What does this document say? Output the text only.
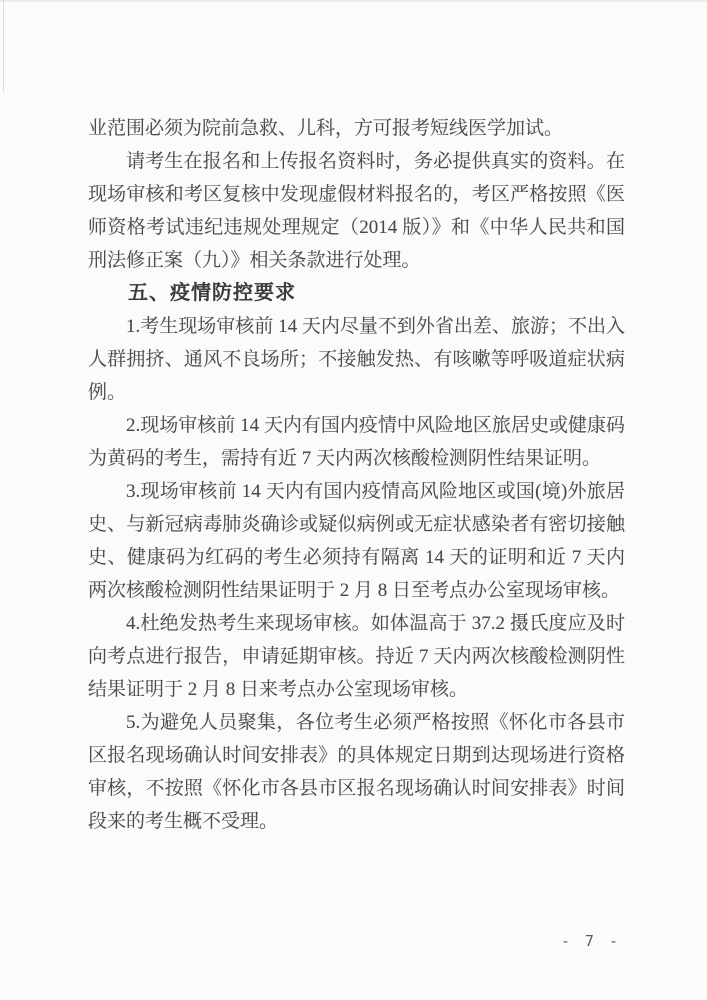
业范围必须为院前急救、儿科，方可报考短线医学加试。

请考生在报名和上传报名资料时，务必提供真实的资料。在现场审核和考区复核中发现虚假材料报名的，考区严格按照《医师资格考试违纪违规处理规定（2014 版）》和《中华人民共和国刑法修正案（九）》相关条款进行处理。

五、疫情防控要求

1.考生现场审核前 14 天内尽量不到外省出差、旅游；不出入人群拥挤、通风不良场所；不接触发热、有咳嗽等呼吸道症状病例。

2.现场审核前 14 天内有国内疫情中风险地区旅居史或健康码为黄码的考生，需持有近 7 天内两次核酸检测阴性结果证明。

3.现场审核前 14 天内有国内疫情高风险地区或国(境)外旅居史、与新冠病毒肺炎确诊或疑似病例或无症状感染者有密切接触史、健康码为红码的考生必须持有隔离 14 天的证明和近 7 天内两次核酸检测阴性结果证明于 2 月 8 日至考点办公室现场审核。

4.杜绝发热考生来现场审核。如体温高于 37.2 摄氏度应及时向考点进行报告，申请延期审核。持近 7 天内两次核酸检测阴性结果证明于 2 月 8 日来考点办公室现场审核。

5.为避免人员聚集，各位考生必须严格按照《怀化市各县市区报名现场确认时间安排表》的具体规定日期到达现场进行资格审核，不按照《怀化市各县市区报名现场确认时间安排表》时间段来的考生概不受理。

- 7 -
